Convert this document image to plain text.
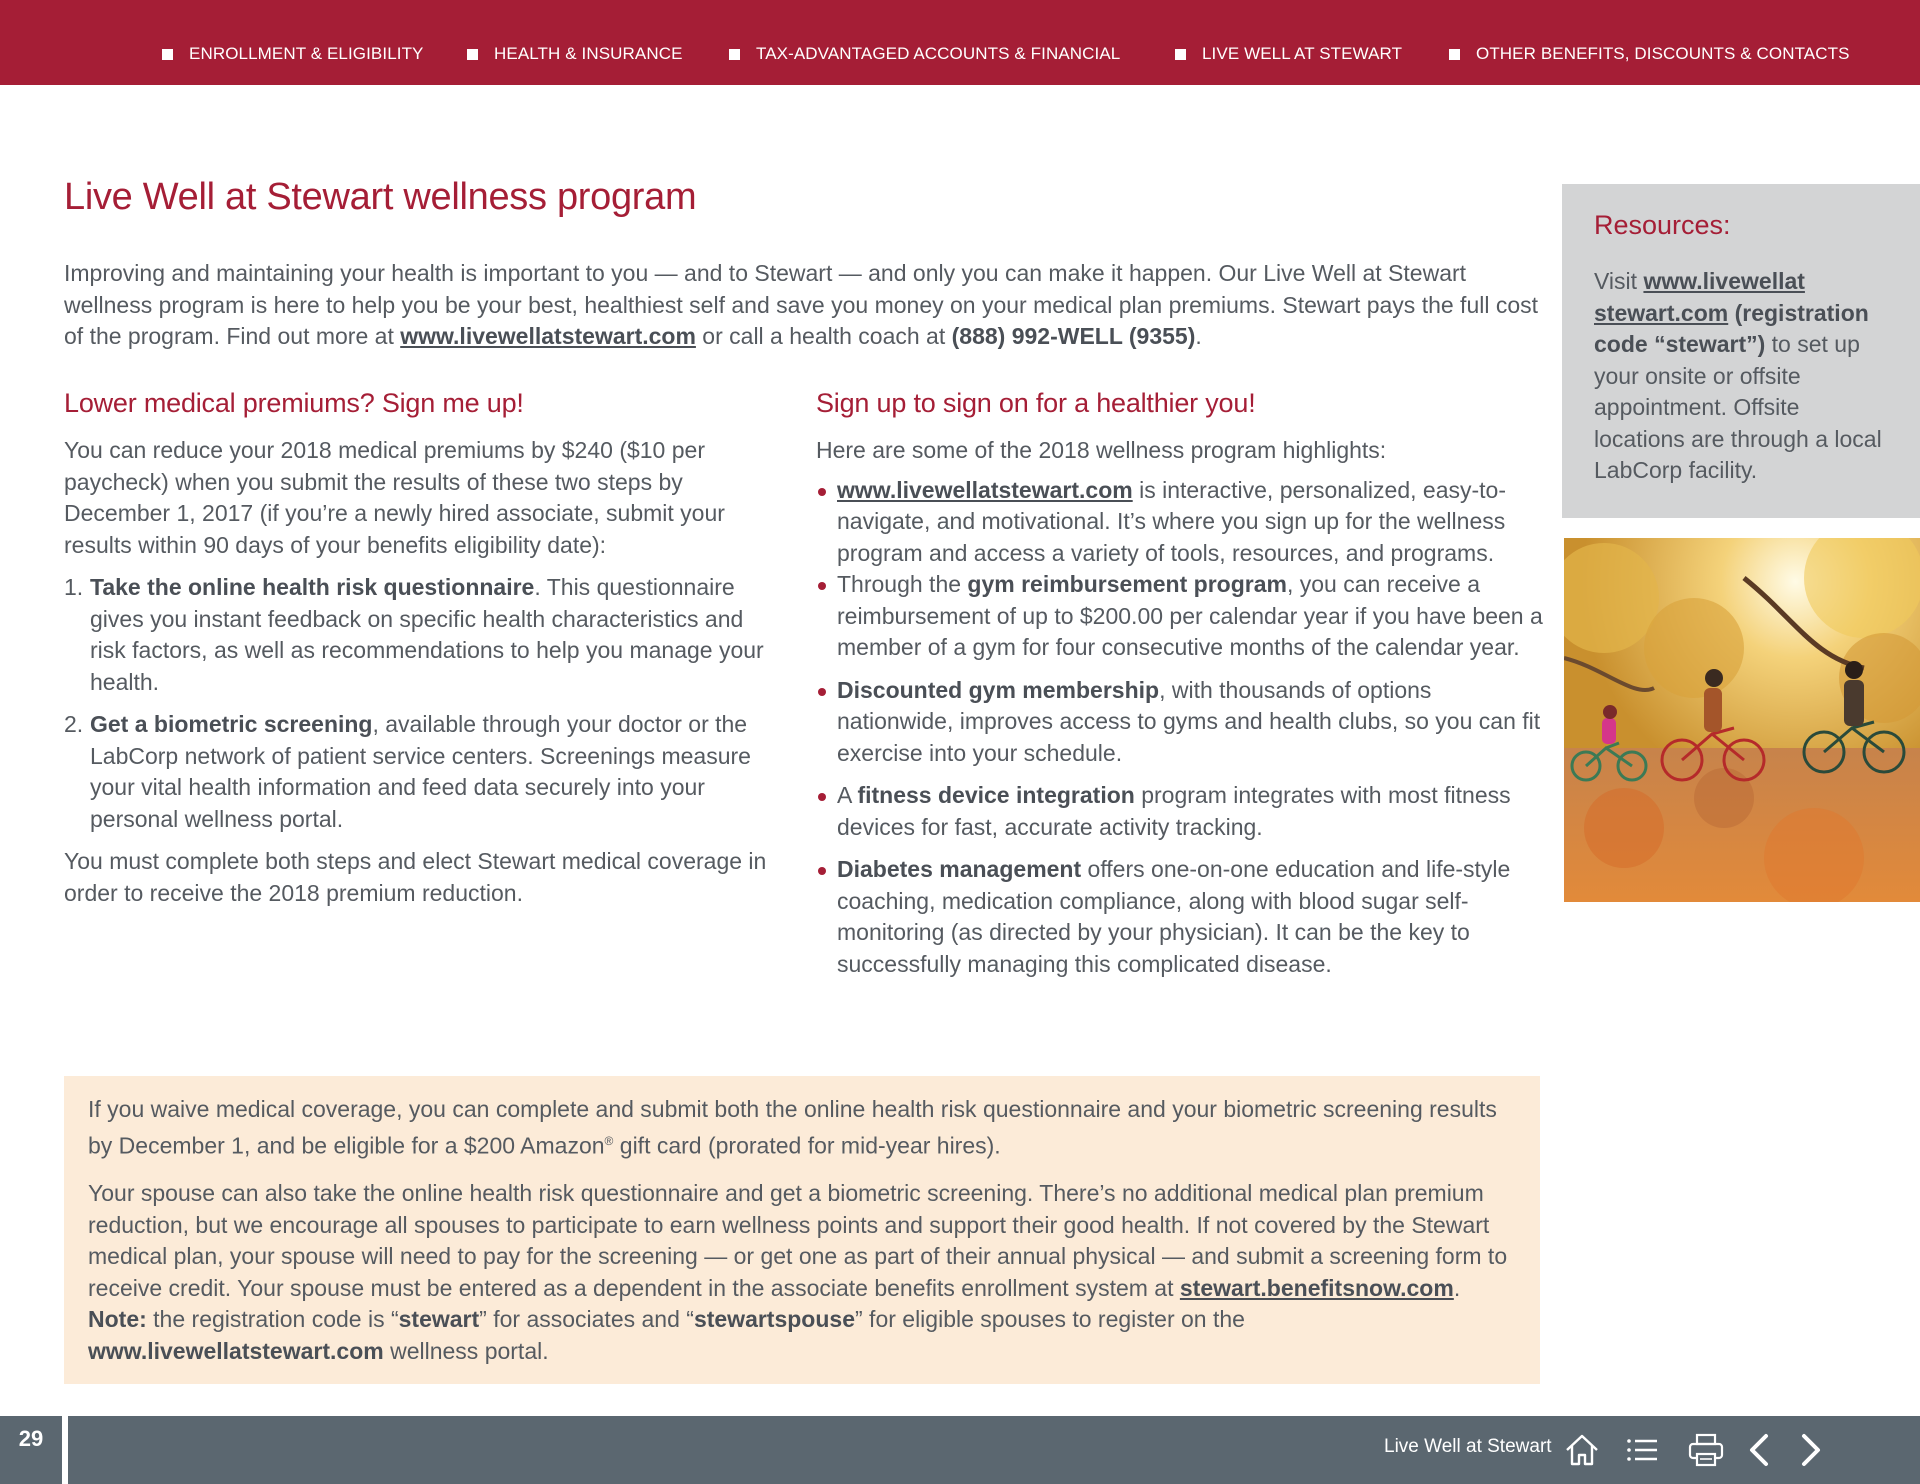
ENROLLMENT & ELIGIBILITY	HEALTH & INSURANCE	TAX-ADVANTAGED ACCOUNTS & FINANCIAL	LIVE WELL AT STEWART	OTHER BENEFITS, DISCOUNTS & CONTACTS
Live Well at Stewart wellness program

Improving and maintaining your health is important to you — and to Stewart — and only you can make it happen. Our Live Well at Stewart wellness program is here to help you be your best, healthiest self and save you money on your medical plan premiums. Stewart pays the full cost of the program. Find out more at www.livewellatstewart.com or call a health coach at (888) 992-WELL (9355).

Lower medical premiums? Sign me up!

You can reduce your 2018 medical premiums by $240 ($10 per paycheck) when you submit the results of these two steps by December 1, 2017 (if you’re a newly hired associate, submit your results within 90 days of your benefits eligibility date):

1. Take the online health risk questionnaire. This questionnaire gives you instant feedback on specific health characteristics and risk factors, as well as recommendations to help you manage your health.
2. Get a biometric screening, available through your doctor or the LabCorp network of patient service centers. Screenings measure your vital health information and feed data securely into your personal wellness portal.

You must complete both steps and elect Stewart medical coverage in order to receive the 2018 premium reduction.

Sign up to sign on for a healthier you!

Here are some of the 2018 wellness program highlights:

www.livewellatstewart.com is interactive, personalized, easy-to-navigate, and motivational. It’s where you sign up for the wellness program and access a variety of tools, resources, and programs.
Through the gym reimbursement program, you can receive a reimbursement of up to $200.00 per calendar year if you have been a member of a gym for four consecutive months of the calendar year.
Discounted gym membership, with thousands of options nationwide, improves access to gyms and health clubs, so you can fit exercise into your schedule.
A fitness device integration program integrates with most fitness devices for fast, accurate activity tracking.
Diabetes management offers one-on-one education and life-style coaching, medication compliance, along with blood sugar self-monitoring (as directed by your physician). It can be the key to successfully managing this complicated disease.
Resources:

Visit www.livewellat stewart.com (registration code “stewart”) to set up your onsite or offsite appointment. Offsite locations are through a local LabCorp facility.

If you waive medical coverage, you can complete and submit both the online health risk questionnaire and your biometric screening results by December 1, and be eligible for a $200 Amazon® gift card (prorated for mid-year hires).

Your spouse can also take the online health risk questionnaire and get a biometric screening. There’s no additional medical plan premium reduction, but we encourage all spouses to participate to earn wellness points and support their good health. If not covered by the Stewart medical plan, your spouse will need to pay for the screening — or get one as part of their annual physical — and submit a screening form to receive credit. Your spouse must be entered as a dependent in the associate benefits enrollment system at stewart.benefitsnow.com. Note: the registration code is “stewart” for associates and “stewartspouse” for eligible spouses to register on the www.livewellatstewart.com wellness portal.

29	Live Well at Stewart
